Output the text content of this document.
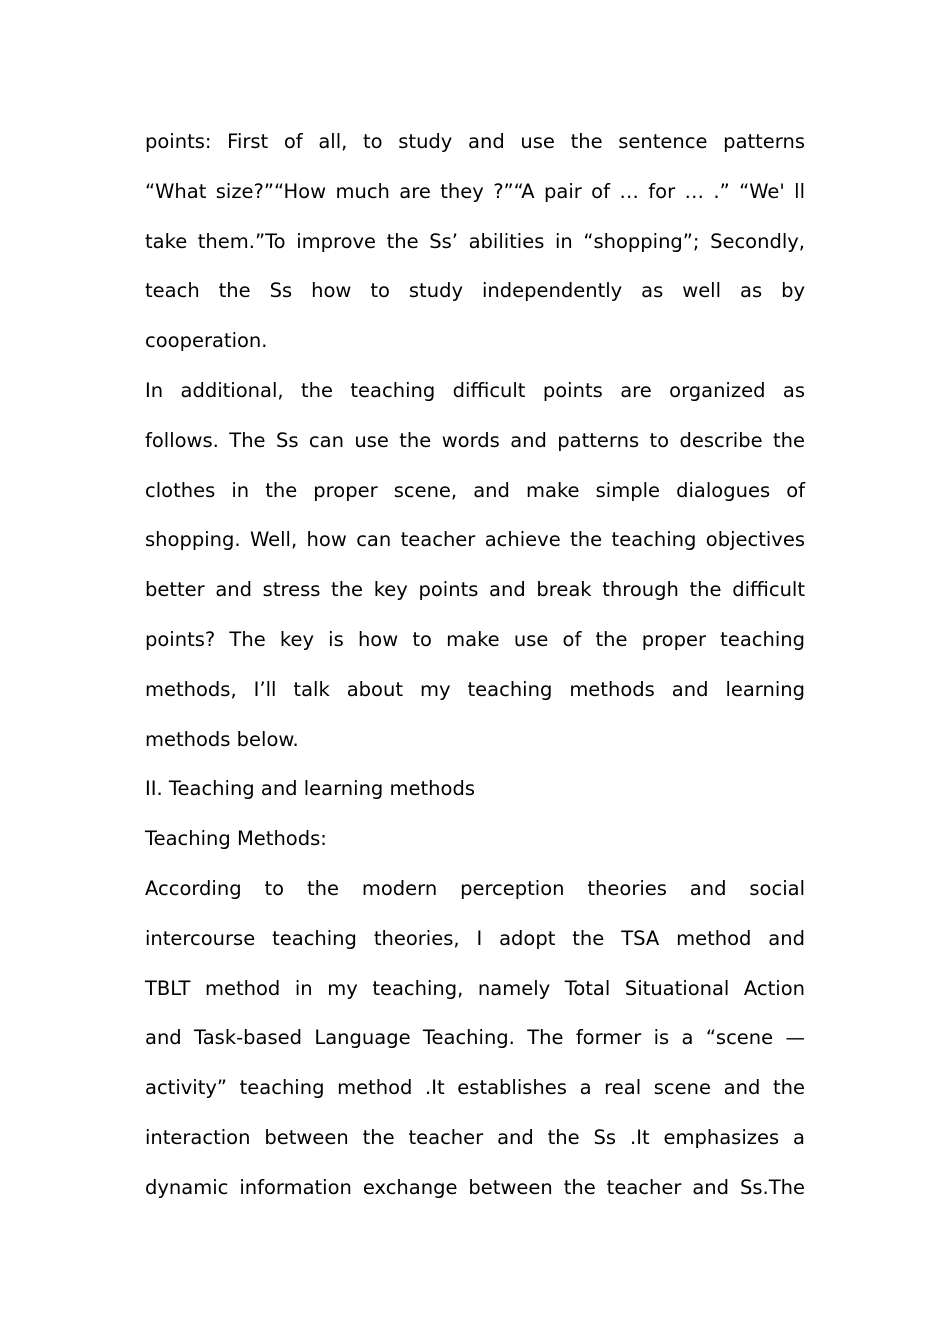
points: First of all, to study and use the sentence patterns
“What size?”“How much are they ?”“A pair of … for … .” “We' ll
take them.”To improve the Ss’ abilities in “shopping”; Secondly,
teach the Ss how to study independently as well as by
cooperation.
In additional, the teaching difficult points are organized as
follows. The Ss can use the words and patterns to describe the
clothes in the proper scene, and make simple dialogues of
shopping. Well, how can teacher achieve the teaching objectives
better and stress the key points and break through the difficult
points? The key is how to make use of the proper teaching
methods, I’ll talk about my teaching methods and learning
methods below.
II. Teaching and learning methods
Teaching Methods:
According to the modern perception theories and social
intercourse teaching theories, I adopt the TSA method and
TBLT method in my teaching, namely Total Situational Action
and Task-based Language Teaching. The former is a “scene —
activity” teaching method .It establishes a real scene and the
interaction between the teacher and the Ss .It emphasizes a
dynamic information exchange between the teacher and Ss.The
